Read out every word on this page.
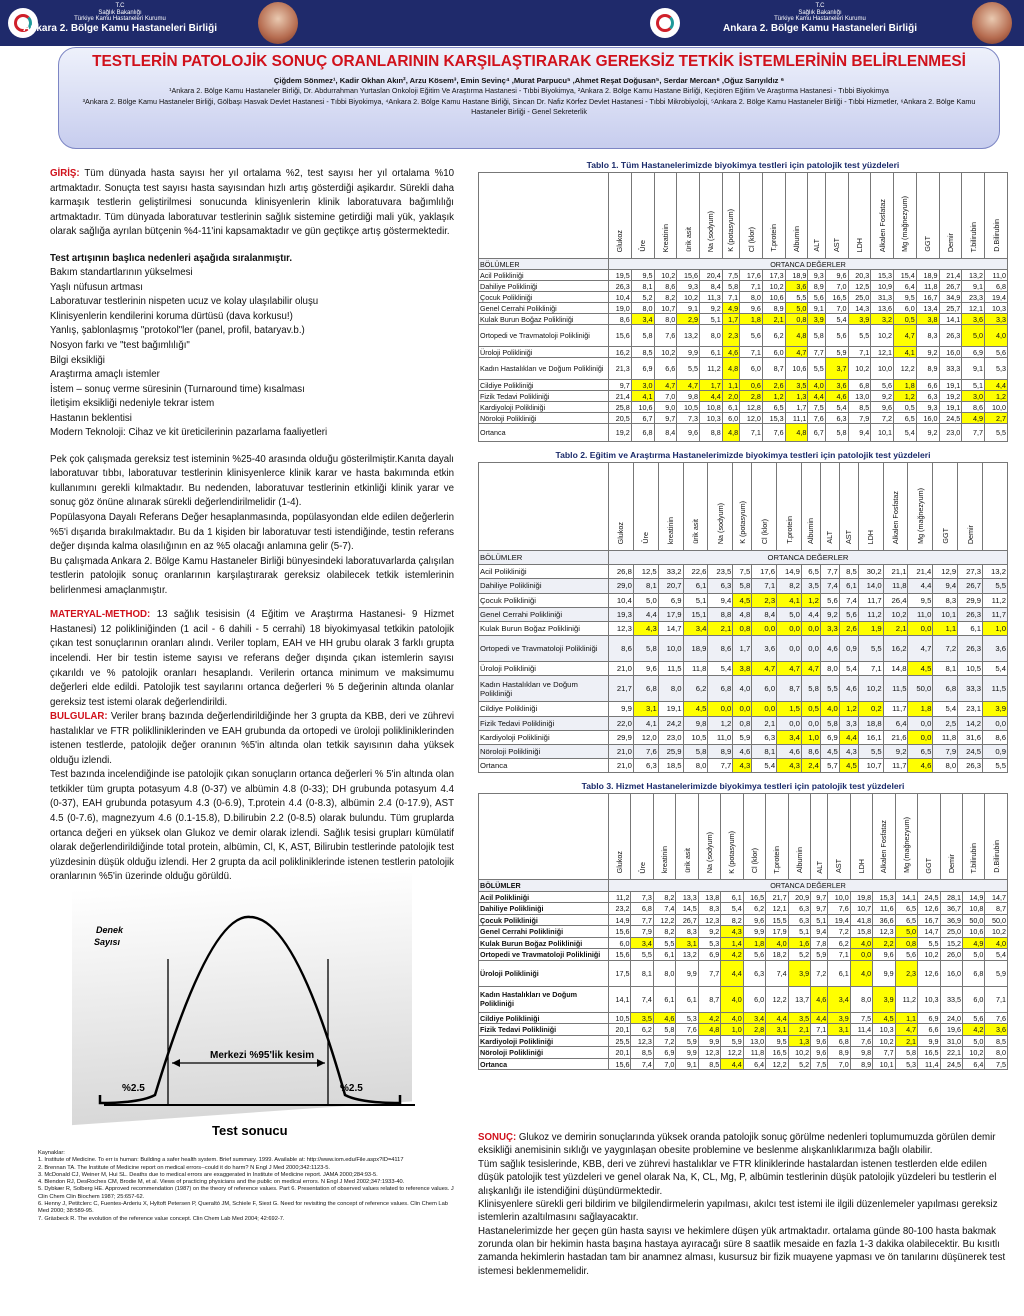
T.C
Sağlık Bakanlığı
Türkiye Kamu Hastaneleri Kurumu
Ankara 2. Bölge Kamu Hastaneleri Birliği
T.C
Sağlık Bakanlığı
Türkiye Kamu Hastaneleri Kurumu
Ankara 2. Bölge Kamu Hastaneleri Birliği
TESTLERİN PATOLOJİK SONUÇ ORANLARININ KARŞILAŞTIRARAK GEREKSİZ TETKİK İSTEMLERİNİN BELİRLENMESİ
Çiğdem Sönmez¹, Kadir Okhan Akın², Arzu Kösem³, Emin Sevinç⁴ ,Murat Parpucu⁵ ,Ahmet Reşat Doğusan⁵, Serdar Mercan⁶ ,Oğuz Sarıyıldız ⁶
¹Ankara 2. Bölge Kamu Hastaneler Birliği, Dr. Abdurrahman Yurtaslan Onkoloji Eğitim Ve Araştırma Hastanesi - Tıbbi Biyokimya, ²Ankara 2. Bölge Kamu Hastane Birliği, Keçiören Eğitim Ve Araştırma Hastanesi - Tıbbi Biyokimya
³Ankara 2. Bölge Kamu Hastaneler Birliği, Gölbaşı Hasvak Devlet Hastanesi - Tıbbi Biyokimya, ⁴Ankara 2. Bölge Kamu Hastane Birliği, Sincan Dr. Nafiz Körfez Devlet Hastanesi - Tıbbi Mikrobiyoloji, ⁵Ankara 2. Bölge Kamu Hastaneler Birliği - Tıbbi Hizmetler, ⁶Ankara 2. Bölge Kamu Hastaneler Birliği - Genel Sekreterlik

GİRİŞ: Tüm dünyada hasta sayısı her yıl ortalama %2, test sayısı her yıl ortalama %10 artmaktadır. Sonuçta test sayısı hasta sayısından hızlı artış gösterdiği aşikardır. Sürekli daha karmaşık testlerin geliştirilmesi sonucunda klinisyenlerin klinik laboratuvara bağımlılığı artmaktadır. Tüm dünyada laboratuvar testlerinin sağlık sistemine getirdiği mali yük, yaklaşık olarak sağlığa ayrılan bütçenin %4-11'ini kapsamaktadır ve gün geçtikçe artış göstermektedir.

Test artışının başlıca nedenleri aşağıda sıralanmıştır.

Bakım standartlarının yükselmesi
Yaşlı nüfusun artması
Laboratuvar testlerinin nispeten ucuz ve kolay ulaşılabilir oluşu
Klinisyenlerin kendilerini koruma dürtüsü (dava korkusu!)
Yanlış, şablonlaşmış "protokol"ler (panel, profil, bataryav.b.)
Nosyon farkı ve "test bağımlılığı"
Bilgi eksikliği
Araştırma amaçlı istemler
İstem – sonuç verme süresinin (Turnaround time) kısalması
İletişim eksikliği nedeniyle tekrar istem
Hastanın beklentisi
Modern Teknoloji: Cihaz ve kit üreticilerinin pazarlama faaliyetleri

Pek çok çalışmada gereksiz test isteminin %25-40 arasında olduğu gösterilmiştir.Kanıta dayalı laboratuvar tıbbı, laboratuvar testlerinin klinisyenlerce klinik karar ve hasta bakımında etkin kullanımını gerekli kılmaktadır. Bu nedenden, laboratuvar testlerinin etkinliği klinik yarar ve sonuç göz önüne alınarak sürekli değerlendirilmelidir (1-4).

Popülasyona Dayalı Referans Değer hesaplanmasında, popülasyondan elde edilen değerlerin %5'i dışarıda bırakılmaktadır. Bu da 1 kişiden bir laboratuvar testi istendiğinde, testin referans değer dışında kalma olasılığının en az %5 olacağı anlamına gelir (5-7).

Bu çalışmada Ankara 2. Bölge Kamu Hastaneler Birliği bünyesindeki laboratuvarlarda çalışılan testlerin patolojik sonuç oranlarının karşılaştırarak gereksiz olabilecek tetkik istemlerinin belirlenmesi amaçlanmıştır.

MATERYAL-METHOD: 13 sağlık tesisisin (4 Eğitim ve Araştırma Hastanesi- 9 Hizmet Hastanesi) 12 polikliniğinden (1 acil - 6 dahili - 5 cerrahi) 18 biyokimyasal tetkikin patolojik çıkan test sonuçlarının oranları alındı. Veriler toplam, EAH ve HH grubu olarak 3 farklı grupta incelendi. Her bir testin isteme sayısı ve referans değer dışında çıkan istemlerin sayısı çıkarıldı ve % patolojik oranları hesaplandı. Verilerin ortanca minimum ve maksimumu değerleri elde edildi. Patolojik test sayılarını ortanca değerleri % 5 değerinin altında olanlar gereksiz test istemi olarak değerlendirildi.

BULGULAR: Veriler branş bazında değerlendirildiğinde her 3 grupta da KBB, deri ve zührevi hastalıklar ve FTR poliklliniklerinden ve EAH grubunda da ortopedi ve üroloji polikliniklerinden istenen testlerde, patolojik değer oranının %5'in altında olan tetkik sayısının daha yüksek olduğu izlendi.

Test bazında incelendiğinde ise patolojik çıkan sonuçların ortanca değerleri % 5'in altında olan tetkikler tüm grupta potasyum 4.8 (0-37) ve albümin 4.8 (0-33); DH grubunda potasyum 4.4 (0-37), EAH grubunda potasyum 4.3 (0-6.9), T.protein 4.4 (0-8.3), albümin 2.4 (0-17.9), AST 4.5 (0-7.6), magnezyum 4.6 (0.1-15.8), D.bilirubin 2.2 (0-8.5) olarak bulundu. Tüm gruplarda ortanca değeri en yüksek olan Glukoz ve demir olarak izlendi. Sağlık tesisi grupları kümülatif olarak değerlendirildiğinde total protein, albümin, Cl, K, AST, Bilirubin testlerinde patolojik test yüzdesinin düşük olduğu izlendi. Her 2 grupta da acil polikliniklerinde istenen testlerin patolojik oranlarının %5'in üzerinde olduğu görüldü.

Denek
Sayısı
Merkezi %95'lik kesim
%2.5	%2.5
Test sonucu
Kaynaklar:
1. Institute of Medicine. To err is human: Building a safer health system. Brief summary. 1999. Available at: http://www.iom.edu/File.aspx?ID=4117
2. Brennan TA. The Institute of Medicine report on medical errors--could it do harm? N Engl J Med 2000;342:1123-5.
3. McDonald CJ, Weiner M, Hui SL. Deaths due to medical errors are exaggerated in Institute of Medicine report. JAMA 2000;284:93-5.
4. Blendon RJ, DesRoches CM, Brodie M, et al. Views of practicing physicians and the public on medical errors. N Engl J Med 2002;347:1933-40.
5. Dybkær R, Solberg HE. Approved recommendation (1987) on the theory of reference values. Part 6. Presentation of observed values related to reference values. J Clin Chem Clin Biochem 1987; 25:657-62.
6. Henny J, Petitclerc C, Fuentes-Arderiu X, Hyltoft Petersen P, Queraltó JM, Schiele F, Siest G. Need for revisiting the concept of reference values. Clin Chem Lab Med 2000; 38:589-95.
7. Gräsbeck R. The evolution of the reference value concept. Clin Chem Lab Med 2004; 42:692-7.
Tablo 1. Tüm Hastanelerimizde biyokimya testleri için patolojik test yüzdeleri
	Glukoz	Üre	Kreatinin	ürik asit	Na (sodyum)	K (potasyum)	Cl (klor)	T.protein	Albumin	ALT	AST	LDH	Alkalen Fosfataz	Mg (mağnezyum)	GGT	Demir	T.bilirubin	D.Bilirubin
BÖLÜMLER	ORTANCA DEĞERLER																	
Acil Polikliniği	19,5	9,5	10,2	15,6	20,4	7,5	17,6	17,3	18,9	9,3	9,6	20,3	15,3	15,4	18,9	21,4	13,2	11,0
Dahiliye Polikliniği	26,3	8,1	8,6	9,3	8,4	5,8	7,1	10,2	3,6	8,9	7,0	12,5	10,9	6,4	11,8	26,7	9,1	6,8
Çocuk Polikliniği	10,4	5,2	8,2	10,2	11,3	7,1	8,0	10,6	5,5	5,6	16,5	25,0	31,3	9,5	16,7	34,9	23,3	19,4
Genel Cerrahi Polikliniği	19,0	8,0	10,7	9,1	9,2	4,9	9,6	8,9	5,0	9,1	7,0	14,3	13,6	6,0	13,4	25,7	12,1	10,3
Kulak Burun Boğaz Polikliniği	8,6	3,4	8,0	2,9	5,1	1,7	1,8	2,1	0,8	3,9	5,4	3,9	3,2	0,5	3,8	14,1	3,6	3,3
Ortopedi ve Travmatoloji Polikliniği	15,6	5,8	7,6	13,2	8,0	2,3	5,6	6,2	4,8	5,8	5,6	5,5	10,2	4,7	8,3	26,3	5,0	4,0
Üroloji Polikliniği	16,2	8,5	10,2	9,9	6,1	4,6	7,1	6,0	4,7	7,7	5,9	7,1	12,1	4,1	9,2	16,0	6,9	5,6
Kadın Hastalıkları ve Doğum Polikliniği	21,3	6,9	6,6	5,5	11,2	4,8	6,0	8,7	10,6	5,5	3,7	10,2	10,0	12,2	8,9	33,3	9,1	5,3
Cildiye Polikliniği	9,7	3,0	4,7	4,7	1,7	1,1	0,6	2,6	3,5	4,0	3,6	6,8	5,6	1,8	6,6	19,1	5,1	4,4
Fizik Tedavi Polikliniği	21,4	4,1	7,0	9,8	4,4	2,0	2,8	1,2	1,3	4,4	4,6	13,0	9,2	1,2	6,3	19,2	3,0	1,2
Kardiyoloji Polikliniği	25,8	10,6	9,0	10,5	10,8	6,1	12,8	6,5	1,7	7,5	5,4	8,5	9,6	0,5	9,3	19,1	8,6	10,0
Nöroloji Polikliniği	20,5	6,7	9,7	7,3	10,3	6,0	12,0	15,3	11,1	7,6	6,3	7,9	7,2	6,5	16,0	24,5	4,9	2,7
Ortanca	19,2	6,8	8,4	9,6	8,8	4,8	7,1	7,6	4,8	6,7	5,8	9,4	10,1	5,4	9,2	23,0	7,7	5,5
Tablo 2. Eğitim ve Araştırma Hastanelerimizde biyokimya testleri için patolojik test yüzdeleri
	Glukoz	Üre	kreatinin	ürik asit	Na (sodyum)	K (potasyum)	Cl (klor)	T.protein	Albumin	ALT	AST	LDH	Alkalen Fosfataz	Mg (mağnezyum)	GGT	Demir	
BÖLÜMLER	ORTANCA DEĞERLER																
Acil Polikliniği	26,8	12,5	33,2	22,6	23,5	7,5	17,6	14,9	6,5	7,7	8,5	30,2	21,1	21,4	12,9	27,3	13,2
Dahiliye Polikliniği	29,0	8,1	20,7	6,1	6,3	5,8	7,1	8,2	3,5	7,4	6,1	14,0	11,8	4,4	9,4	26,7	5,5
Çocuk Polikliniği	10,4	5,0	6,9	5,1	9,4	4,5	2,3	4,1	1,2	5,6	7,4	11,7	26,4	9,5	8,3	29,9	11,2
Genel Cerrahi Polikliniği	19,3	4,4	17,9	15,1	8,8	4,8	8,4	5,0	4,4	9,2	5,6	11,2	10,2	11,0	10,1	26,3	11,7
Kulak Burun Boğaz Polikliniği	12,3	4,3	14,7	3,4	2,1	0,8	0,0	0,0	0,0	3,3	2,6	1,9	2,1	0,0	1,1	6,1	1,0
Ortopedi ve Travmatoloji Polikliniği	8,6	5,8	10,0	18,9	8,6	1,7	3,6	0,0	0,0	4,6	0,9	5,5	16,2	4,7	7,2	26,3	3,6
Üroloji Polikliniği	21,0	9,6	11,5	11,8	5,4	3,8	4,7	4,7	4,7	8,0	5,4	7,1	14,8	4,5	8,1	10,5	5,4
Kadın Hastalıkları ve Doğum Polikliniği	21,7	6,8	8,0	6,2	6,8	4,0	6,0	8,7	5,8	5,5	4,6	10,2	11,5	50,0	6,8	33,3	11,5
Cildiye Polikliniği	9,9	3,1	19,1	4,5	0,0	0,0	0,0	1,5	0,5	4,0	1,2	0,2	11,7	1,8	5,4	23,1	3,9
Fizik Tedavi Polikliniği	22,0	4,1	24,2	9,8	1,2	0,8	2,1	0,0	0,0	5,8	3,3	18,8	6,4	0,0	2,5	14,2	0,0
Kardiyoloji Polikliniği	29,9	12,0	23,0	10,5	11,0	5,9	6,3	3,4	1,0	6,9	4,4	16,1	21,6	0,0	11,8	31,6	8,6
Nöroloji Polikliniği	21,0	7,6	25,9	5,8	8,9	4,6	8,1	4,6	8,6	4,5	4,3	5,5	9,2	6,5	7,9	24,5	0,9
Ortanca	21,0	6,3	18,5	8,0	7,7	4,3	5,4	4,3	2,4	5,7	4,5	10,7	11,7	4,6	8,0	26,3	5,5
Tablo 3. Hizmet Hastanelerimizde biyokimya testleri için patolojik test yüzdeleri
	Glukoz	Üre	kreatinin	ürik asit	Na (sodyum)	K (potasyum)	Cl (klor)	T.protein	Albumin	ALT	AST	LDH	Alkalen Fosfataz	Mg (mağnezyum)	GGT	Demir	T.bilirubin	D.Bilirubin
BÖLÜMLER	ORTANCA DEĞERLER																	
Acil Polikliniği	11,2	7,3	8,2	13,3	13,8	6,1	16,5	21,7	20,9	9,7	10,0	19,8	15,3	14,1	24,5	28,1	14,9	14,7
Dahiliye Polikliniği	23,2	6,8	7,4	14,5	8,3	5,4	6,2	12,1	6,3	9,7	7,6	10,7	11,6	6,5	12,6	36,7	10,8	8,7
Çocuk Polikliniği	14,9	7,7	12,2	26,7	12,3	8,2	9,6	15,5	6,3	5,1	19,4	41,8	36,6	6,5	16,7	36,9	50,0	50,0
Genel Cerrahi Polikliniği	15,6	7,9	8,2	8,3	9,2	4,3	9,9	17,9	5,1	9,4	7,2	15,8	12,3	5,0	14,7	25,0	10,6	10,2
Kulak Burun Boğaz Polikliniği	6,0	3,4	5,5	3,1	5,3	1,4	1,8	4,0	1,6	7,8	6,2	4,0	2,2	0,8	5,5	15,2	4,9	4,0
Ortopedi ve Travmatoloji Polikliniği	15,6	5,5	6,1	13,2	6,9	4,2	5,6	18,2	5,2	5,9	7,1	0,0	9,6	5,6	10,2	26,0	5,0	5,4
Üroloji Polikliniği	17,5	8,1	8,0	9,9	7,7	4,4	6,3	7,4	3,9	7,2	6,1	4,0	9,9	2,3	12,6	16,0	6,8	5,9
Kadın Hastalıkları ve Doğum Polikliniği	14,1	7,4	6,1	6,1	8,7	4,0	6,0	12,2	13,7	4,6	3,4	8,0	3,9	11,2	10,3	33,5	6,0	7,1
Cildiye Polikliniği	10,5	3,5	4,6	5,3	4,2	4,0	3,4	4,4	3,5	4,4	3,9	7,5	4,5	1,1	6,9	24,0	5,6	7,6
Fizik Tedavi Polikliniği	20,1	6,2	5,8	7,6	4,8	1,0	2,8	3,1	2,1	7,1	3,1	11,4	10,3	4,7	6,6	19,6	4,2	3,6
Kardiyoloji Polikliniği	25,5	12,3	7,2	5,9	9,9	5,9	13,0	9,5	1,3	9,6	6,8	7,6	10,2	2,1	9,9	31,0	5,0	8,5
Nöroloji Polikliniği	20,1	8,5	6,9	9,9	12,3	12,2	11,8	16,5	10,2	9,6	8,9	9,8	7,7	5,8	16,5	22,1	10,2	8,0
Ortanca	15,6	7,4	7,0	9,1	8,5	4,4	6,4	12,2	5,2	7,5	7,0	8,9	10,1	5,3	11,4	24,5	6,4	7,5

SONUÇ: Glukoz ve demirin sonuçlarında yüksek oranda patolojik sonuç görülme nedenleri toplumumuzda görülen demir eksikliği anemisinin sıklığı ve yaygınlaşan obesite problemine ve beslenme alışkanlıklarımıza bağlı olabilir.

Tüm sağlık tesislerinde, KBB, deri ve zührevi hastalıklar ve FTR kliniklerinde hastalardan istenen testlerden elde edilen düşük patolojik test yüzdeleri ve genel olarak Na, K, CL, Mg, P, albümin testlerinin düşük patolojik yüzdeleri bu testlerin el alışkanlığı ile istendiğini düşündürmektedir.

Klinisyenlere sürekli geri bildirim ve bilgilendirmelerin yapılması, akılcı test istemi ile ilgili düzenlemeler yapılması gereksiz istemlerin azaltılmasını sağlayacaktır.

Hastanelerimizde her geçen gün hasta sayısı ve hekimlere düşen yük artmaktadır. ortalama günde 80-100 hasta bakmak zorunda olan bir hekimin hasta başına hastaya ayıracağı süre 8 saatlik mesaide en fazla 1-3 dakika olabilecektir. Bu kısıtlı zamanda hekimlerin hastadan tam bir anamnez alması, kusursuz bir fizik muayene yapması ve ön tanılarını düşünerek test istemesi beklenmemelidir.
